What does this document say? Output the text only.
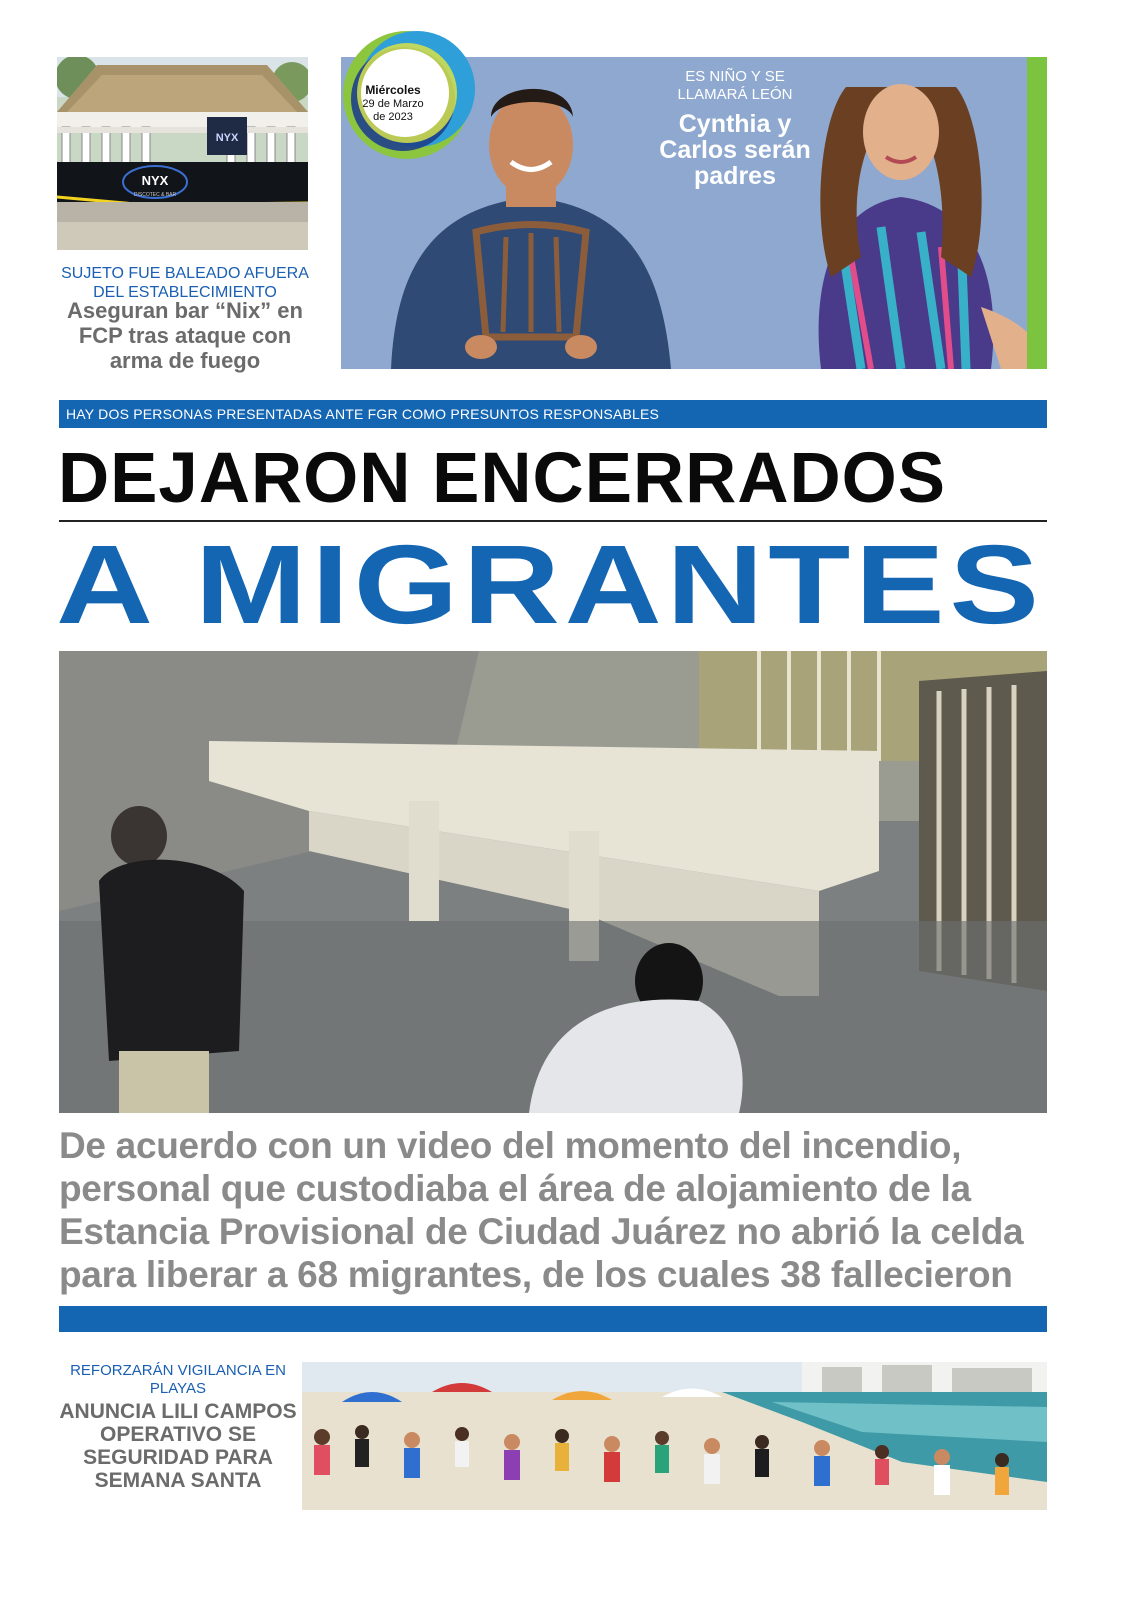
NYX
NYX
DISCOTEC & BAR
SUJETO FUE BALEADO AFUERA DEL ESTABLECIMIENTO
Aseguran bar “Nix” en FCP tras ataque con arma de fuego
Miércoles
29 de Marzo
de 2023
ES NIÑO Y SE LLAMARÁ LEÓN
Cynthia y Carlos serán padres
HAY DOS PERSONAS PRESENTADAS ANTE FGR COMO PRESUNTOS RESPONSABLES
DEJARON ENCERRADOS
A MIGRANTES
De acuerdo con un video del momento del incendio, personal que custodiaba el área de alojamiento de la Estancia Provisional de Ciudad Juárez no abrió la celda para liberar a 68 migrantes, de los cuales 38 fallecieron
REFORZARÁN VIGILANCIA EN PLAYAS
ANUNCIA LILI CAMPOS OPERATIVO SE SEGURIDAD PARA SEMANA SANTA
